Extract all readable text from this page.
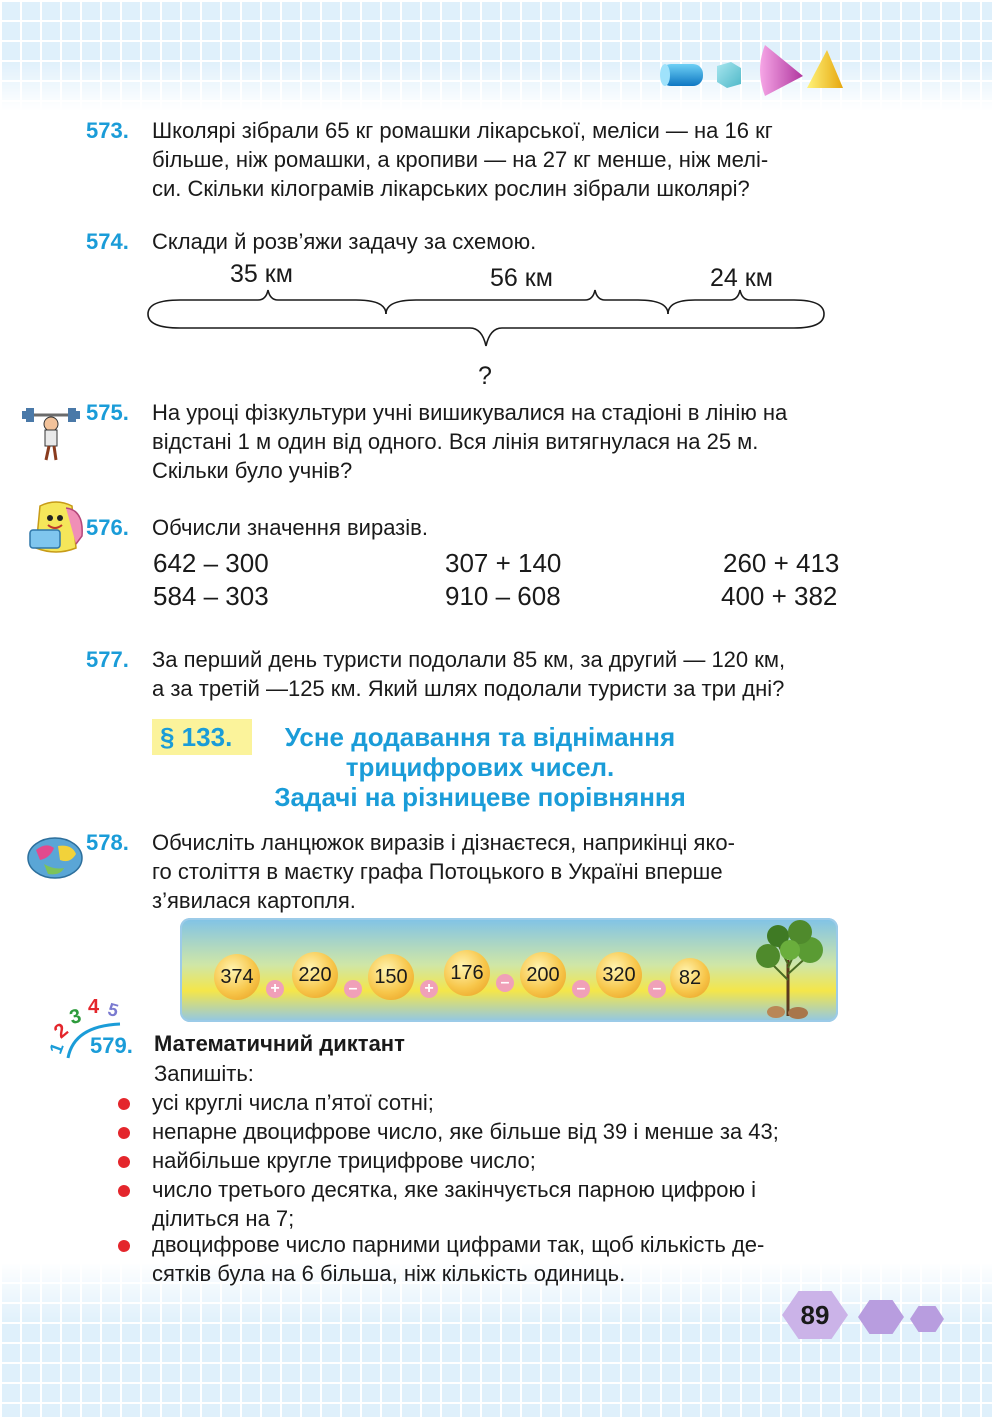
573. Школярі зібрали 65 кг ромашки лікарської, меліси — на 16 кг
більше, ніж ромашки, а кропиви — на 27 кг менше, ніж мелі-
си. Скільки кілограмів лікарських рослин зібрали школярі?
574. Склади й розв’яжи задачу за схемою.
35 км	56 км	24 км
?
575. На уроці фізкультури учні вишикувалися на стадіоні в лінію на
відстані 1 м один від одного. Вся лінія витягнулася на 25 м.
Скільки було учнів?
576. Обчисли значення виразів.
642 – 300	307 + 140	260 + 413
584 – 303	910 – 608	400 + 382
577. За перший день туристи подолали 85 км, за другий — 120 км,
а за третій —125 км. Який шлях подолали туристи за три дні?
§ 133.	Усне додавання та віднімання
трицифрових чисел.
Задачі на різницеве порівняння
578. Обчисліть ланцюжок виразів і дізнаєтеся, наприкінці яко-
го століття в маєтку графа Потоцького в Україні вперше
з’явилася картопля.
374
+
220
–
150
+
176	– 200
–
320
– 82
1
2
3 4 5
579. Математичний диктант
Запишіть:
усі круглі числа п’ятої сотні;
непарне двоцифрове число, яке більше від 39 і менше за 43;
найбільше кругле трицифрове число;
число третього десятка, яке закінчується парною цифрою і
ділиться на 7;
двоцифрове число парними цифрами так, щоб кількість де-
сятків була на 6 більша, ніж кількість одиниць.
89
